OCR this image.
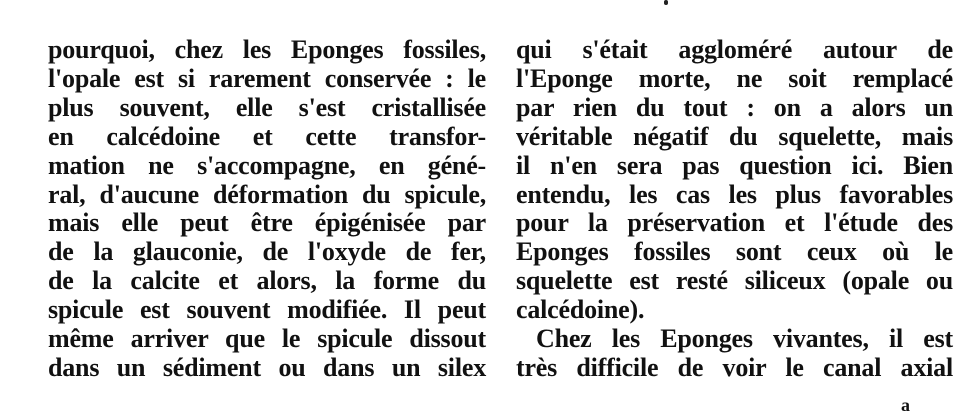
pourquoi, chez les Eponges fossiles,
l'opale est si rarement conservée : le
plus souvent, elle s'est cristallisée
en calcédoine et cette transfor-
mation ne s'accompagne, en géné-
ral, d'aucune déformation du spicule,
mais elle peut être épigénisée par
de la glauconie, de l'oxyde de fer,
de la calcite et alors, la forme du
spicule est souvent modifiée. Il peut
même arriver que le spicule dissout
dans un sédiment ou dans un silex
qui s'était aggloméré autour de
l'Eponge morte, ne soit remplacé
par rien du tout : on a alors un
véritable négatif du squelette, mais
il n'en sera pas question ici. Bien
entendu, les cas les plus favorables
pour la préservation et l'étude des
Eponges fossiles sont ceux où le
squelette est resté siliceux (opale ou
calcédoine).
Chez les Eponges vivantes, il est
très difficile de voir le canal axial
a
